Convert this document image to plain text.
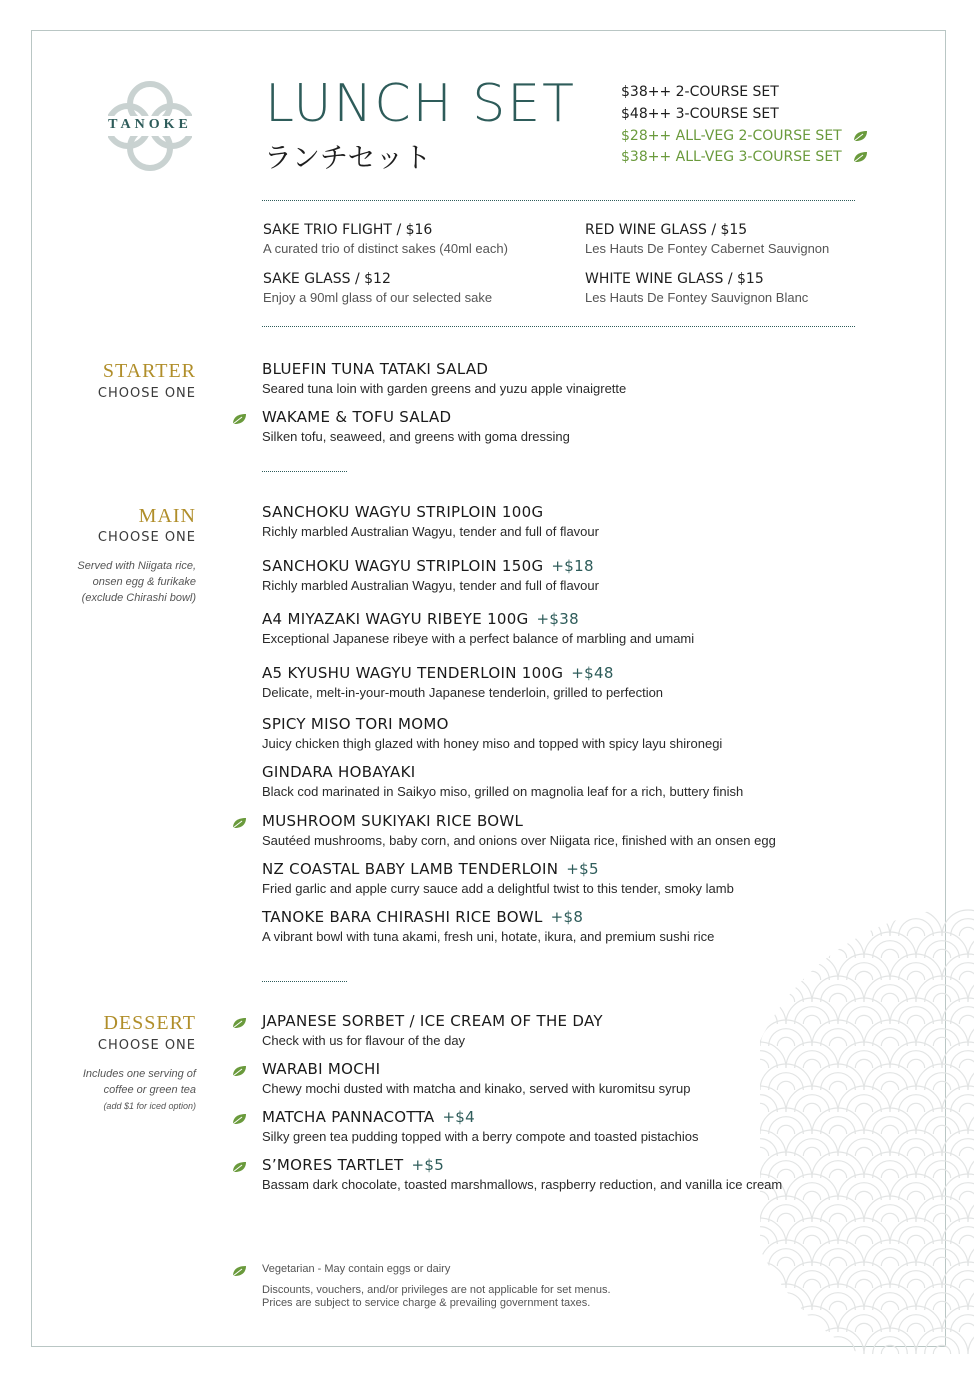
TANOKE LUNCH SET
ランチセット
$38++ 2-COURSE SET
$48++ 3-COURSE SET
$28++ ALL-VEG 2-COURSE SET
$38++ ALL-VEG 3-COURSE SET
SAKE TRIO FLIGHT / $16
A curated trio of distinct sakes (40ml each)
SAKE GLASS / $12
Enjoy a 90ml glass of our selected sake
RED WINE GLASS / $15
Les Hauts De Fontey Cabernet Sauvignon
WHITE WINE GLASS / $15
Les Hauts De Fontey Sauvignon Blanc
STARTER
CHOOSE ONE
MAIN
CHOOSE ONE
Served with Niigata rice, onsen egg & furikake (exclude Chirashi bowl)
DESSERT
CHOOSE ONE
Includes one serving of coffee or green tea
(add $1 for iced option)
BLUEFIN TUNA TATAKI SALAD
Seared tuna loin with garden greens and yuzu apple vinaigrette
WAKAME & TOFU SALAD
Silken tofu, seaweed, and greens with goma dressing
SANCHOKU WAGYU STRIPLOIN 100G
Richly marbled Australian Wagyu, tender and full of flavour
SANCHOKU WAGYU STRIPLOIN 150G +$18
Richly marbled Australian Wagyu, tender and full of flavour
A4 MIYAZAKI WAGYU RIBEYE 100G +$38
Exceptional Japanese ribeye with a perfect balance of marbling and umami
A5 KYUSHU WAGYU TENDERLOIN 100G +$48
Delicate, melt-in-your-mouth Japanese tenderloin, grilled to perfection
SPICY MISO TORI MOMO
Juicy chicken thigh glazed with honey miso and topped with spicy layu shironegi
GINDARA HOBAYAKI
Black cod marinated in Saikyo miso, grilled on magnolia leaf for a rich, buttery finish
MUSHROOM SUKIYAKI RICE BOWL
Sautéed mushrooms, baby corn, and onions over Niigata rice, finished with an onsen egg
NZ COASTAL BABY LAMB TENDERLOIN +$5
Fried garlic and apple curry sauce add a delightful twist to this tender, smoky lamb
TANOKE BARA CHIRASHI RICE BOWL +$8
A vibrant bowl with tuna akami, fresh uni, hotate, ikura, and premium sushi rice
JAPANESE SORBET / ICE CREAM OF THE DAY
Check with us for flavour of the day
WARABI MOCHI
Chewy mochi dusted with matcha and kinako, served with kuromitsu syrup
MATCHA PANNACOTTA +$4
Silky green tea pudding topped with a berry compote and toasted pistachios
S’MORES TARTLET +$5
Bassam dark chocolate, toasted marshmallows, raspberry reduction, and vanilla ice cream
Vegetarian - May contain eggs or dairy
Discounts, vouchers, and/or privileges are not applicable for set menus.
Prices are subject to service charge & prevailing government taxes.
